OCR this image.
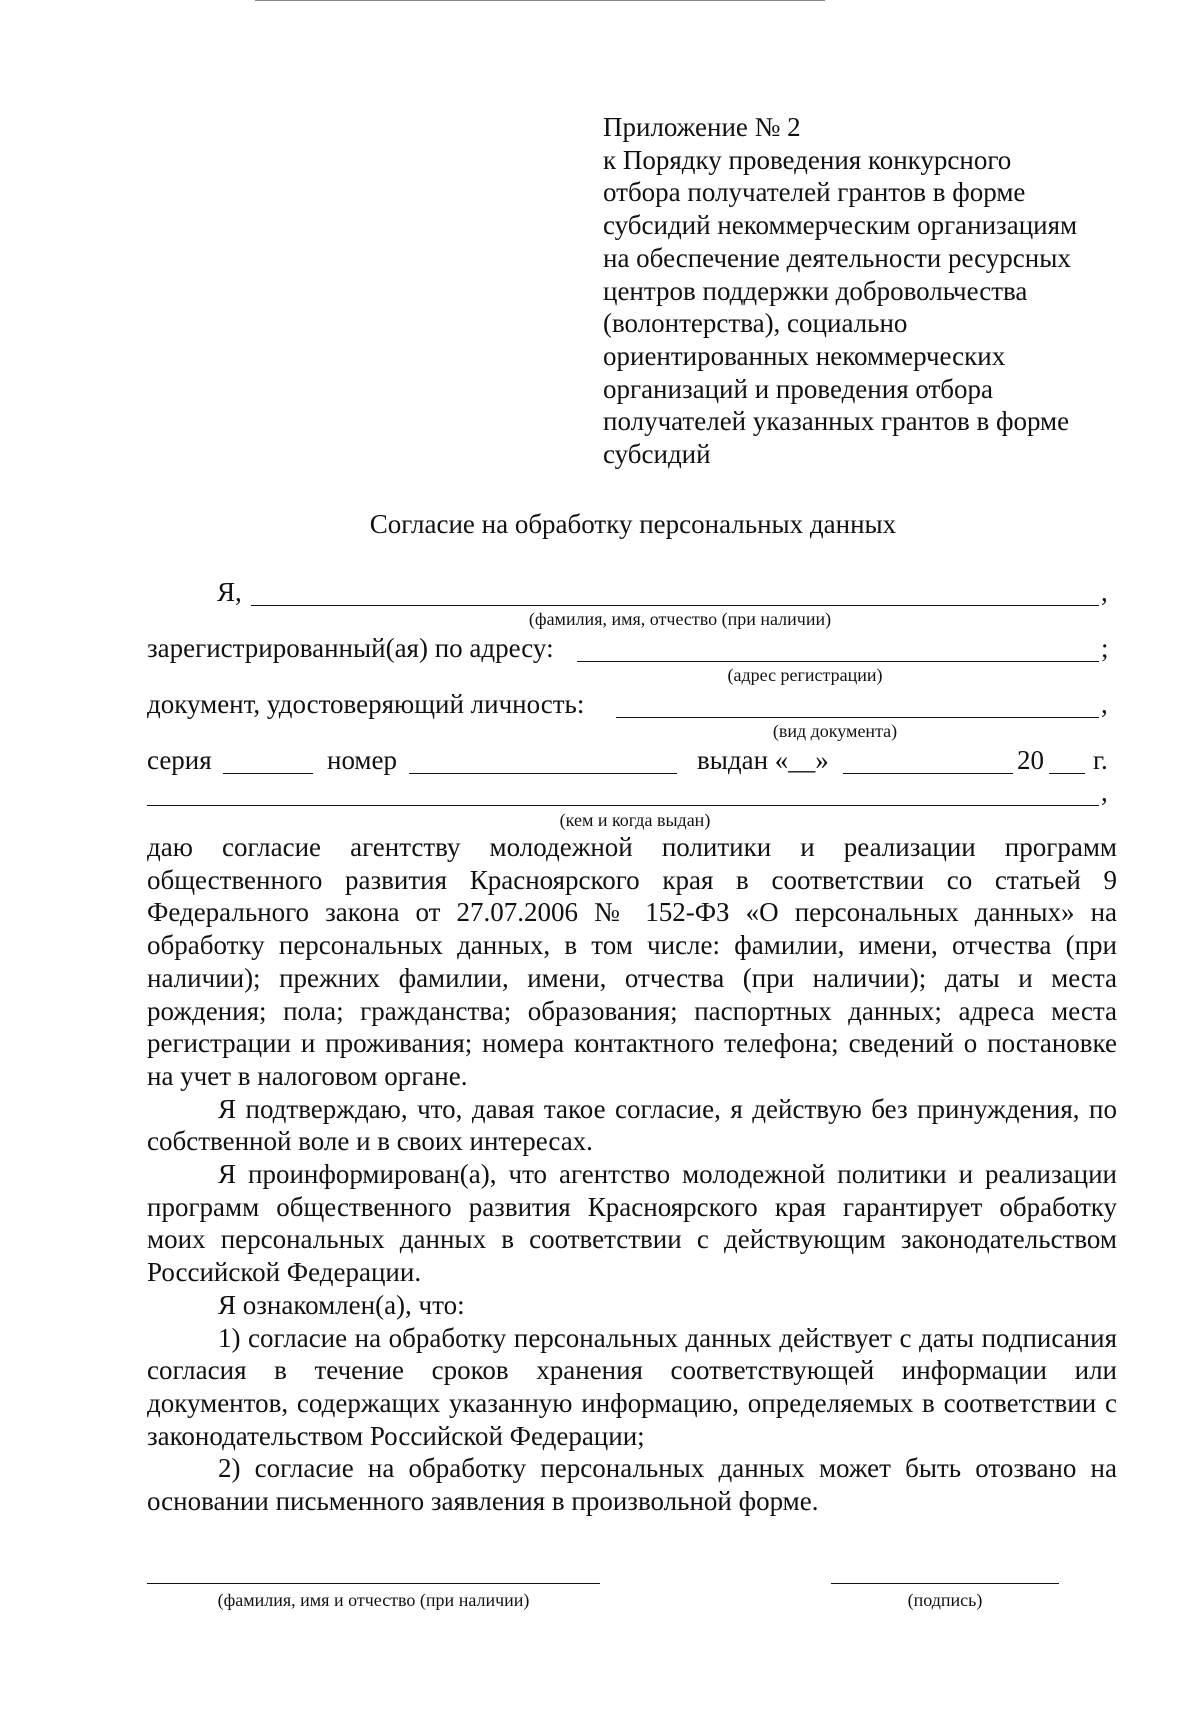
Приложение № 2
к Порядку проведения конкурсного
отбора получателей грантов в форме
субсидий некоммерческим организациям
на обеспечение деятельности ресурсных
центров поддержки добровольчества
(волонтерства), социально
ориентированных некоммерческих
организаций и проведения отбора
получателей указанных грантов в форме
субсидий
Согласие на обработку персональных данных
Я,	,
(фамилия, имя, отчество (при наличии)
зарегистрированный(ая) по адресу:	;
(адрес регистрации)
документ, удостоверяющий личность:	,
(вид документа)
серия	номер	выдан «__»	20 г.
,
(кем и когда выдан)

даю согласие агентству молодежной политики и реализации программ общественного развития Красноярского края в соответствии со статьей 9 Федерального закона от 27.07.2006 № 152-ФЗ «О персональных данных» на обработку персональных данных, в том числе: фамилии, имени, отчества (при наличии); прежних фамилии, имени, отчества (при наличии); даты и места рождения; пола; гражданства; образования; паспортных данных; адреса места регистрации и проживания; номера контактного телефона; сведений о постановке на учет в налоговом органе.

Я подтверждаю, что, давая такое согласие, я действую без принуждения, по собственной воле и в своих интересах.

Я проинформирован(а), что агентство молодежной политики и реализации программ общественного развития Красноярского края гарантирует обработку моих персональных данных в соответствии с действующим законодательством Российской Федерации.

Я ознакомлен(а), что:

1) согласие на обработку персональных данных действует с даты подписания согласия в течение сроков хранения соответствующей информации или документов, содержащих указанную информацию, определяемых в соответствии с законодательством Российской Федерации;

2) согласие на обработку персональных данных может быть отозвано на основании письменного заявления в произвольной форме.

(фамилия, имя и отчество (при наличии)	(подпись)
